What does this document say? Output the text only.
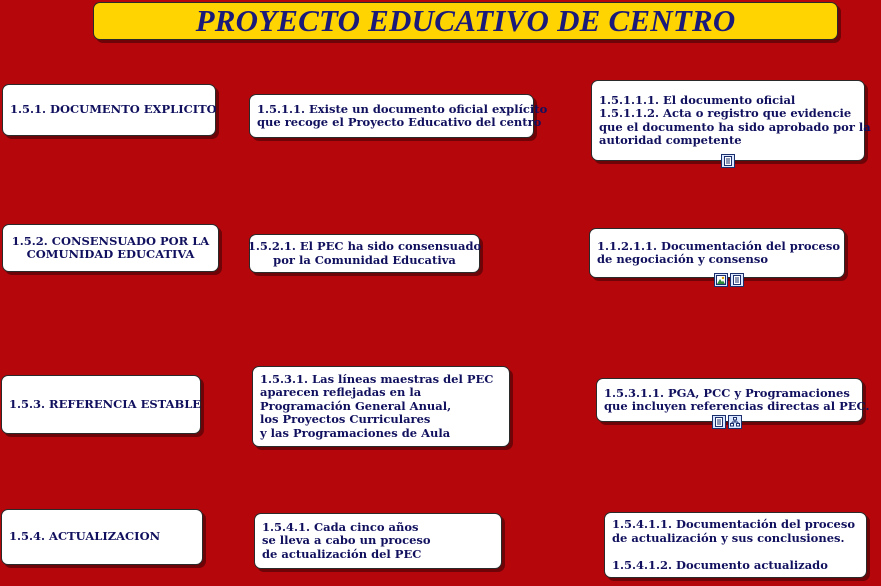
PROYECTO EDUCATIVO DE CENTRO
1.5.1. DOCUMENTO EXPLICITO	1.5.1.1. Existe un documento oficial explícito
que recoge el Proyecto Educativo del centro
1.5.1.1.1. El documento oficial
1.5.1.1.2. Acta o registro que evidencie
que el documento ha sido aprobado por la
autoridad competente
1.5.2. CONSENSUADO POR LA
COMUNIDAD EDUCATIVA
1.5.2.1. El PEC ha sido consensuado
por la Comunidad Educativa
1.1.2.1.1. Documentación del proceso
de negociación y consenso
1.5.3. REFERENCIA ESTABLE
1.5.3.1. Las líneas maestras del PEC
aparecen reflejadas en la
Programación General Anual,
los Proyectos Curriculares
y las Programaciones de Aula
1.5.3.1.1. PGA, PCC y Programaciones
que incluyen referencias directas al PEC.
1.5.4. ACTUALIZACION
1.5.4.1. Cada cinco años
se lleva a cabo un proceso
de actualización del PEC
1.5.4.1.1. Documentación del proceso
de actualización y sus conclusiones.
1.5.4.1.2. Documento actualizado
